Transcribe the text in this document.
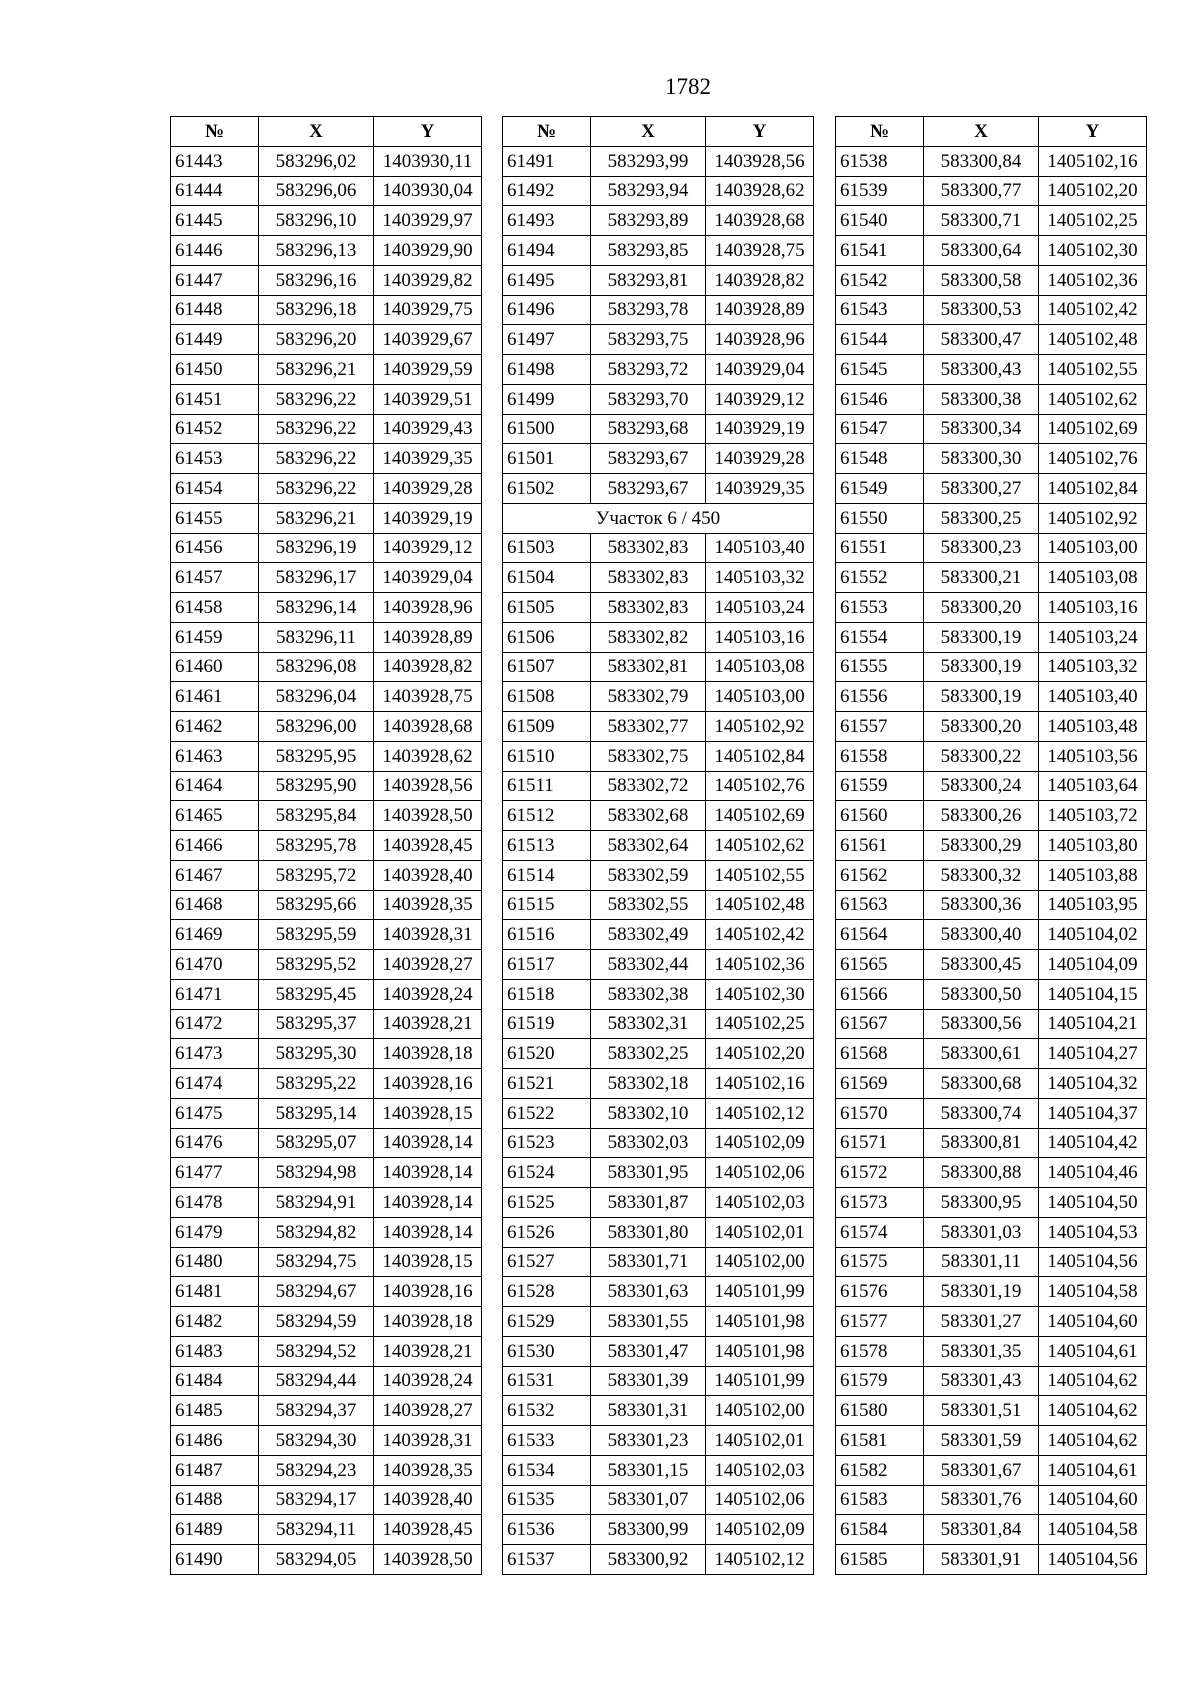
1782
№	X	Y
61443	583296,02	1403930,11
61444	583296,06	1403930,04
61445	583296,10	1403929,97
61446	583296,13	1403929,90
61447	583296,16	1403929,82
61448	583296,18	1403929,75
61449	583296,20	1403929,67
61450	583296,21	1403929,59
61451	583296,22	1403929,51
61452	583296,22	1403929,43
61453	583296,22	1403929,35
61454	583296,22	1403929,28
61455	583296,21	1403929,19
61456	583296,19	1403929,12
61457	583296,17	1403929,04
61458	583296,14	1403928,96
61459	583296,11	1403928,89
61460	583296,08	1403928,82
61461	583296,04	1403928,75
61462	583296,00	1403928,68
61463	583295,95	1403928,62
61464	583295,90	1403928,56
61465	583295,84	1403928,50
61466	583295,78	1403928,45
61467	583295,72	1403928,40
61468	583295,66	1403928,35
61469	583295,59	1403928,31
61470	583295,52	1403928,27
61471	583295,45	1403928,24
61472	583295,37	1403928,21
61473	583295,30	1403928,18
61474	583295,22	1403928,16
61475	583295,14	1403928,15
61476	583295,07	1403928,14
61477	583294,98	1403928,14
61478	583294,91	1403928,14
61479	583294,82	1403928,14
61480	583294,75	1403928,15
61481	583294,67	1403928,16
61482	583294,59	1403928,18
61483	583294,52	1403928,21
61484	583294,44	1403928,24
61485	583294,37	1403928,27
61486	583294,30	1403928,31
61487	583294,23	1403928,35
61488	583294,17	1403928,40
61489	583294,11	1403928,45
61490	583294,05	1403928,50
№	X	Y
61491	583293,99	1403928,56
61492	583293,94	1403928,62
61493	583293,89	1403928,68
61494	583293,85	1403928,75
61495	583293,81	1403928,82
61496	583293,78	1403928,89
61497	583293,75	1403928,96
61498	583293,72	1403929,04
61499	583293,70	1403929,12
61500	583293,68	1403929,19
61501	583293,67	1403929,28
61502	583293,67	1403929,35
Участок 6 / 450		
61503	583302,83	1405103,40
61504	583302,83	1405103,32
61505	583302,83	1405103,24
61506	583302,82	1405103,16
61507	583302,81	1405103,08
61508	583302,79	1405103,00
61509	583302,77	1405102,92
61510	583302,75	1405102,84
61511	583302,72	1405102,76
61512	583302,68	1405102,69
61513	583302,64	1405102,62
61514	583302,59	1405102,55
61515	583302,55	1405102,48
61516	583302,49	1405102,42
61517	583302,44	1405102,36
61518	583302,38	1405102,30
61519	583302,31	1405102,25
61520	583302,25	1405102,20
61521	583302,18	1405102,16
61522	583302,10	1405102,12
61523	583302,03	1405102,09
61524	583301,95	1405102,06
61525	583301,87	1405102,03
61526	583301,80	1405102,01
61527	583301,71	1405102,00
61528	583301,63	1405101,99
61529	583301,55	1405101,98
61530	583301,47	1405101,98
61531	583301,39	1405101,99
61532	583301,31	1405102,00
61533	583301,23	1405102,01
61534	583301,15	1405102,03
61535	583301,07	1405102,06
61536	583300,99	1405102,09
61537	583300,92	1405102,12
№	X	Y
61538	583300,84	1405102,16
61539	583300,77	1405102,20
61540	583300,71	1405102,25
61541	583300,64	1405102,30
61542	583300,58	1405102,36
61543	583300,53	1405102,42
61544	583300,47	1405102,48
61545	583300,43	1405102,55
61546	583300,38	1405102,62
61547	583300,34	1405102,69
61548	583300,30	1405102,76
61549	583300,27	1405102,84
61550	583300,25	1405102,92
61551	583300,23	1405103,00
61552	583300,21	1405103,08
61553	583300,20	1405103,16
61554	583300,19	1405103,24
61555	583300,19	1405103,32
61556	583300,19	1405103,40
61557	583300,20	1405103,48
61558	583300,22	1405103,56
61559	583300,24	1405103,64
61560	583300,26	1405103,72
61561	583300,29	1405103,80
61562	583300,32	1405103,88
61563	583300,36	1405103,95
61564	583300,40	1405104,02
61565	583300,45	1405104,09
61566	583300,50	1405104,15
61567	583300,56	1405104,21
61568	583300,61	1405104,27
61569	583300,68	1405104,32
61570	583300,74	1405104,37
61571	583300,81	1405104,42
61572	583300,88	1405104,46
61573	583300,95	1405104,50
61574	583301,03	1405104,53
61575	583301,11	1405104,56
61576	583301,19	1405104,58
61577	583301,27	1405104,60
61578	583301,35	1405104,61
61579	583301,43	1405104,62
61580	583301,51	1405104,62
61581	583301,59	1405104,62
61582	583301,67	1405104,61
61583	583301,76	1405104,60
61584	583301,84	1405104,58
61585	583301,91	1405104,56
